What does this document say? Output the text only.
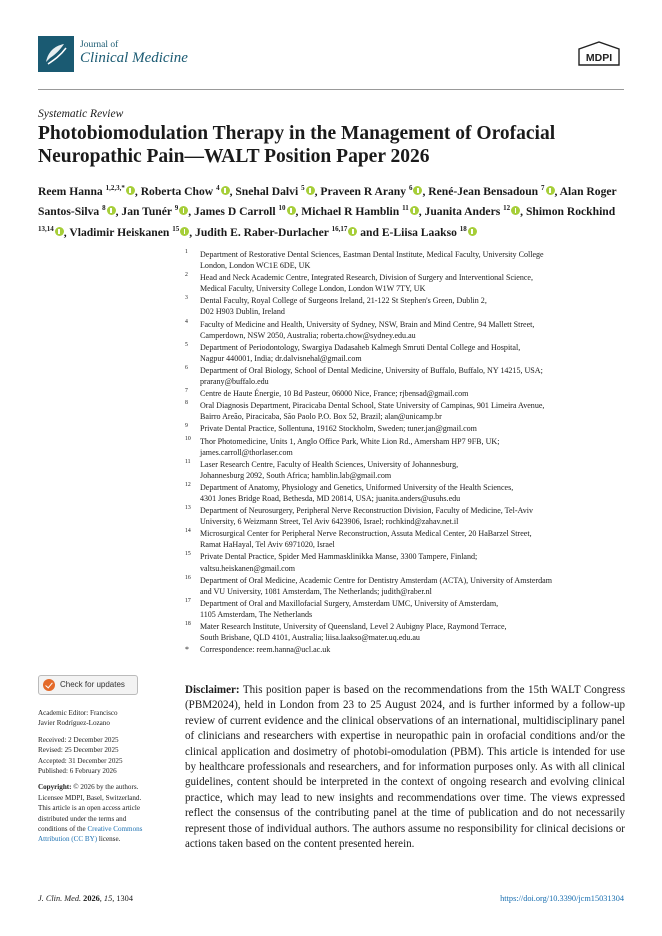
Journal of
Clinical Medicine	MDPI
Systematic Review
Photobiomodulation Therapy in the Management of Orofacial Neuropathic Pain—WALT Position Paper 2026
Reem Hanna $^{1,2,3,*}$ , Roberta Chow $^4$ , Snehal Dalvi $^5$ , Praveen R Arany $^6$ , René-Jean Bensadoun $^7$ , Alan Roger Santos-Silva $^8$ , Jan Tunér $^9$ , James D Carroll $^{10}$ , Michael R Hamblin $^{11}$ , Juanita Anders $^{12}$ , Shimon Rockhind $^{13,14}$ , Vladimir Heiskanen $^{15}$ , Judith E. Raber-Durlacher $^{16,17}$ and E-Liisa Laakso $^{18}$
1 Department of Restorative Dental Sciences, Eastman Dental Institute, Medical Faculty, University College
London, London WC1E 6DE, UK
2 Head and Neck Academic Centre, Integrated Research, Division of Surgery and Interventional Science,
Medical Faculty, University College London, London W1W 7TY, UK
3 Dental Faculty, Royal College of Surgeons Ireland, 21-122 St Stephen's Green, Dublin 2,
D02 H903 Dublin, Ireland
4 Faculty of Medicine and Health, University of Sydney, NSW, Brain and Mind Centre, 94 Mallett Street,
Camperdown, NSW 2050, Australia; roberta.chow@sydney.edu.au
5 Department of Periodontology, Swargiya Dadasaheb Kalmegh Smruti Dental College and Hospital,
Nagpur 440001, India; dr.dalvisnehal@gmail.com
6 Department of Oral Biology, School of Dental Medicine, University of Buffalo, Buffalo, NY 14215, USA;
prarany@buffalo.edu
7 Centre de Haute Énergie, 10 Bd Pasteur, 06000 Nice, France; rjbensad@gmail.com
8 Oral Diagnosis Department, Piracicaba Dental School, State University of Campinas, 901 Limeira Avenue,
Bairro Areão, Piracicaba, São Paolo P.O. Box 52, Brazil; alan@unicamp.br
9 Private Dental Practice, Sollentuna, 19162 Stockholm, Sweden; tuner.jan@gmail.com
10 Thor Photomedicine, Units 1, Anglo Office Park, White Lion Rd., Amersham HP7 9FB, UK;
james.carroll@thorlaser.com
11 Laser Research Centre, Faculty of Health Sciences, University of Johannesburg,
Johannesburg 2092, South Africa; hamblin.lab@gmail.com
12 Department of Anatomy, Physiology and Genetics, Uniformed University of the Health Sciences,
4301 Jones Bridge Road, Bethesda, MD 20814, USA; juanita.anders@usuhs.edu
13 Department of Neurosurgery, Peripheral Nerve Reconstruction Division, Faculty of Medicine, Tel-Aviv
University, 6 Weizmann Street, Tel Aviv 6423906, Israel; rochkind@zahav.net.il
14 Microsurgical Center for Peripheral Nerve Reconstruction, Assuta Medical Center, 20 HaBarzel Street,
Ramat HaHayal, Tel Aviv 6971020, Israel
15 Private Dental Practice, Spider Med Hammasklinikka Manse, 3300 Tampere, Finland;
valtsu.heiskanen@gmail.com
16 Department of Oral Medicine, Academic Centre for Dentistry Amsterdam (ACTA), University of Amsterdam
and VU University, 1081 Amsterdam, The Netherlands; judith@raber.nl
17 Department of Oral and Maxillofacial Surgery, Amsterdam UMC, University of Amsterdam,
1105 Amsterdam, The Netherlands
18 Mater Research Institute, University of Queensland, Level 2 Aubigny Place, Raymond Terrace,
South Brisbane, QLD 4101, Australia; liisa.laakso@mater.uq.edu.au
* Correspondence: reem.hanna@ucl.ac.uk
Check for updates
Academic Editor: Francisco
Javier Rodríguez-Lozano
Received: 2 December 2025
Revised: 25 December 2025
Accepted: 31 December 2025
Published: 6 February 2026
Copyright: © 2026 by the authors.
Licensee MDPI, Basel, Switzerland.
This article is an open access article
distributed under the terms and
conditions of the Creative Commons
Attribution (CC BY) license.

Disclaimer: This position paper is based on the recommendations from the 15th WALT Congress (PBM2024), held in London from 23 to 25 August 2024, and is further informed by a follow-up review of current evidence and the clinical observations of an international, multidisciplinary panel of clinicians and researchers with expertise in neuropathic pain in orofacial conditions and/or the clinical application and dosimetry of photobi-omodulation (PBM). This article is intended for use by healthcare professionals and researchers, and for information purposes only. As with all clinical guidelines, content should be interpreted in the context of ongoing research and evolving clinical practice, which may lead to new insights and recommendations over time. The views expressed reflect the consensus of the contributing panel at the time of publication and do not necessarily represent those of individual authors. The authors assume no responsibility for clinical decisions or actions taken based on the content presented herein.

J. Clin. Med. 2026, 15, 1304	https://doi.org/10.3390/jcm15031304
